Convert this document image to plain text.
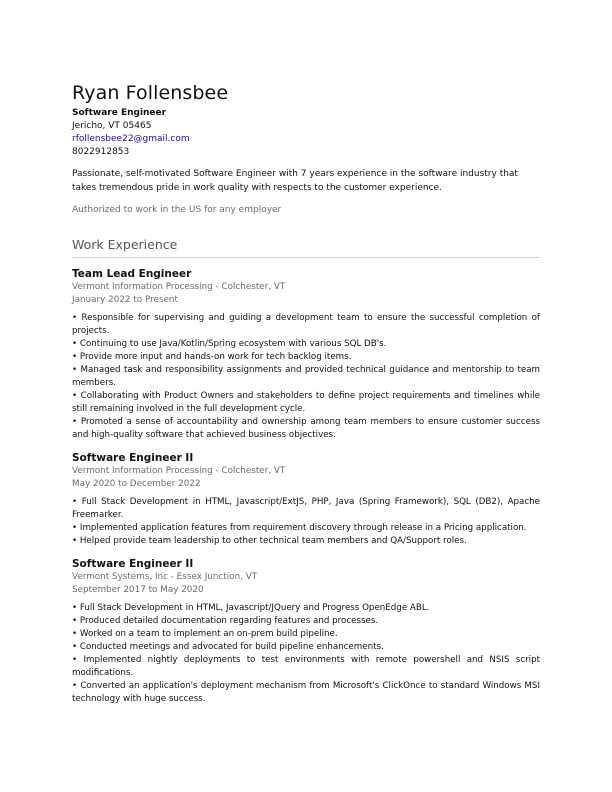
Ryan Follensbee
Software Engineer
Jericho, VT 05465
rfollensbee22@gmail.com
8022912853
Passionate, self-motivated Software Engineer with 7 years experience in the software industry that takes tremendous pride in work quality with respects to the customer experience.
Authorized to work in the US for any employer
Work Experience
Team Lead Engineer
Vermont Information Processing - Colchester, VT
January 2022 to Present
• Responsible for supervising and guiding a development team to ensure the successful completion of projects.
• Continuing to use Java/Kotlin/Spring ecosystem with various SQL DB's.
• Provide more input and hands-on work for tech backlog items.
• Managed task and responsibility assignments and provided technical guidance and mentorship to team members.
• Collaborating with Product Owners and stakeholders to define project requirements and timelines while still remaining involved in the full development cycle.
• Promoted a sense of accountability and ownership among team members to ensure customer success and high-quality software that achieved business objectives.
Software Engineer II
Vermont Information Processing - Colchester, VT
May 2020 to December 2022
• Full Stack Development in HTML, Javascript/ExtJS, PHP, Java (Spring Framework), SQL (DB2), Apache Freemarker.
• Implemented application features from requirement discovery through release in a Pricing application.
• Helped provide team leadership to other technical team members and QA/Support roles.
Software Engineer II
Vermont Systems, Inc - Essex Junction, VT
September 2017 to May 2020
• Full Stack Development in HTML, Javascript/JQuery and Progress OpenEdge ABL.
• Produced detailed documentation regarding features and processes.
• Worked on a team to implement an on-prem build pipeline.
• Conducted meetings and advocated for build pipeline enhancements.
• Implemented nightly deployments to test environments with remote powershell and NSIS script modifications.
• Converted an application's deployment mechanism from Microsoft's ClickOnce to standard Windows MSI technology with huge success.
